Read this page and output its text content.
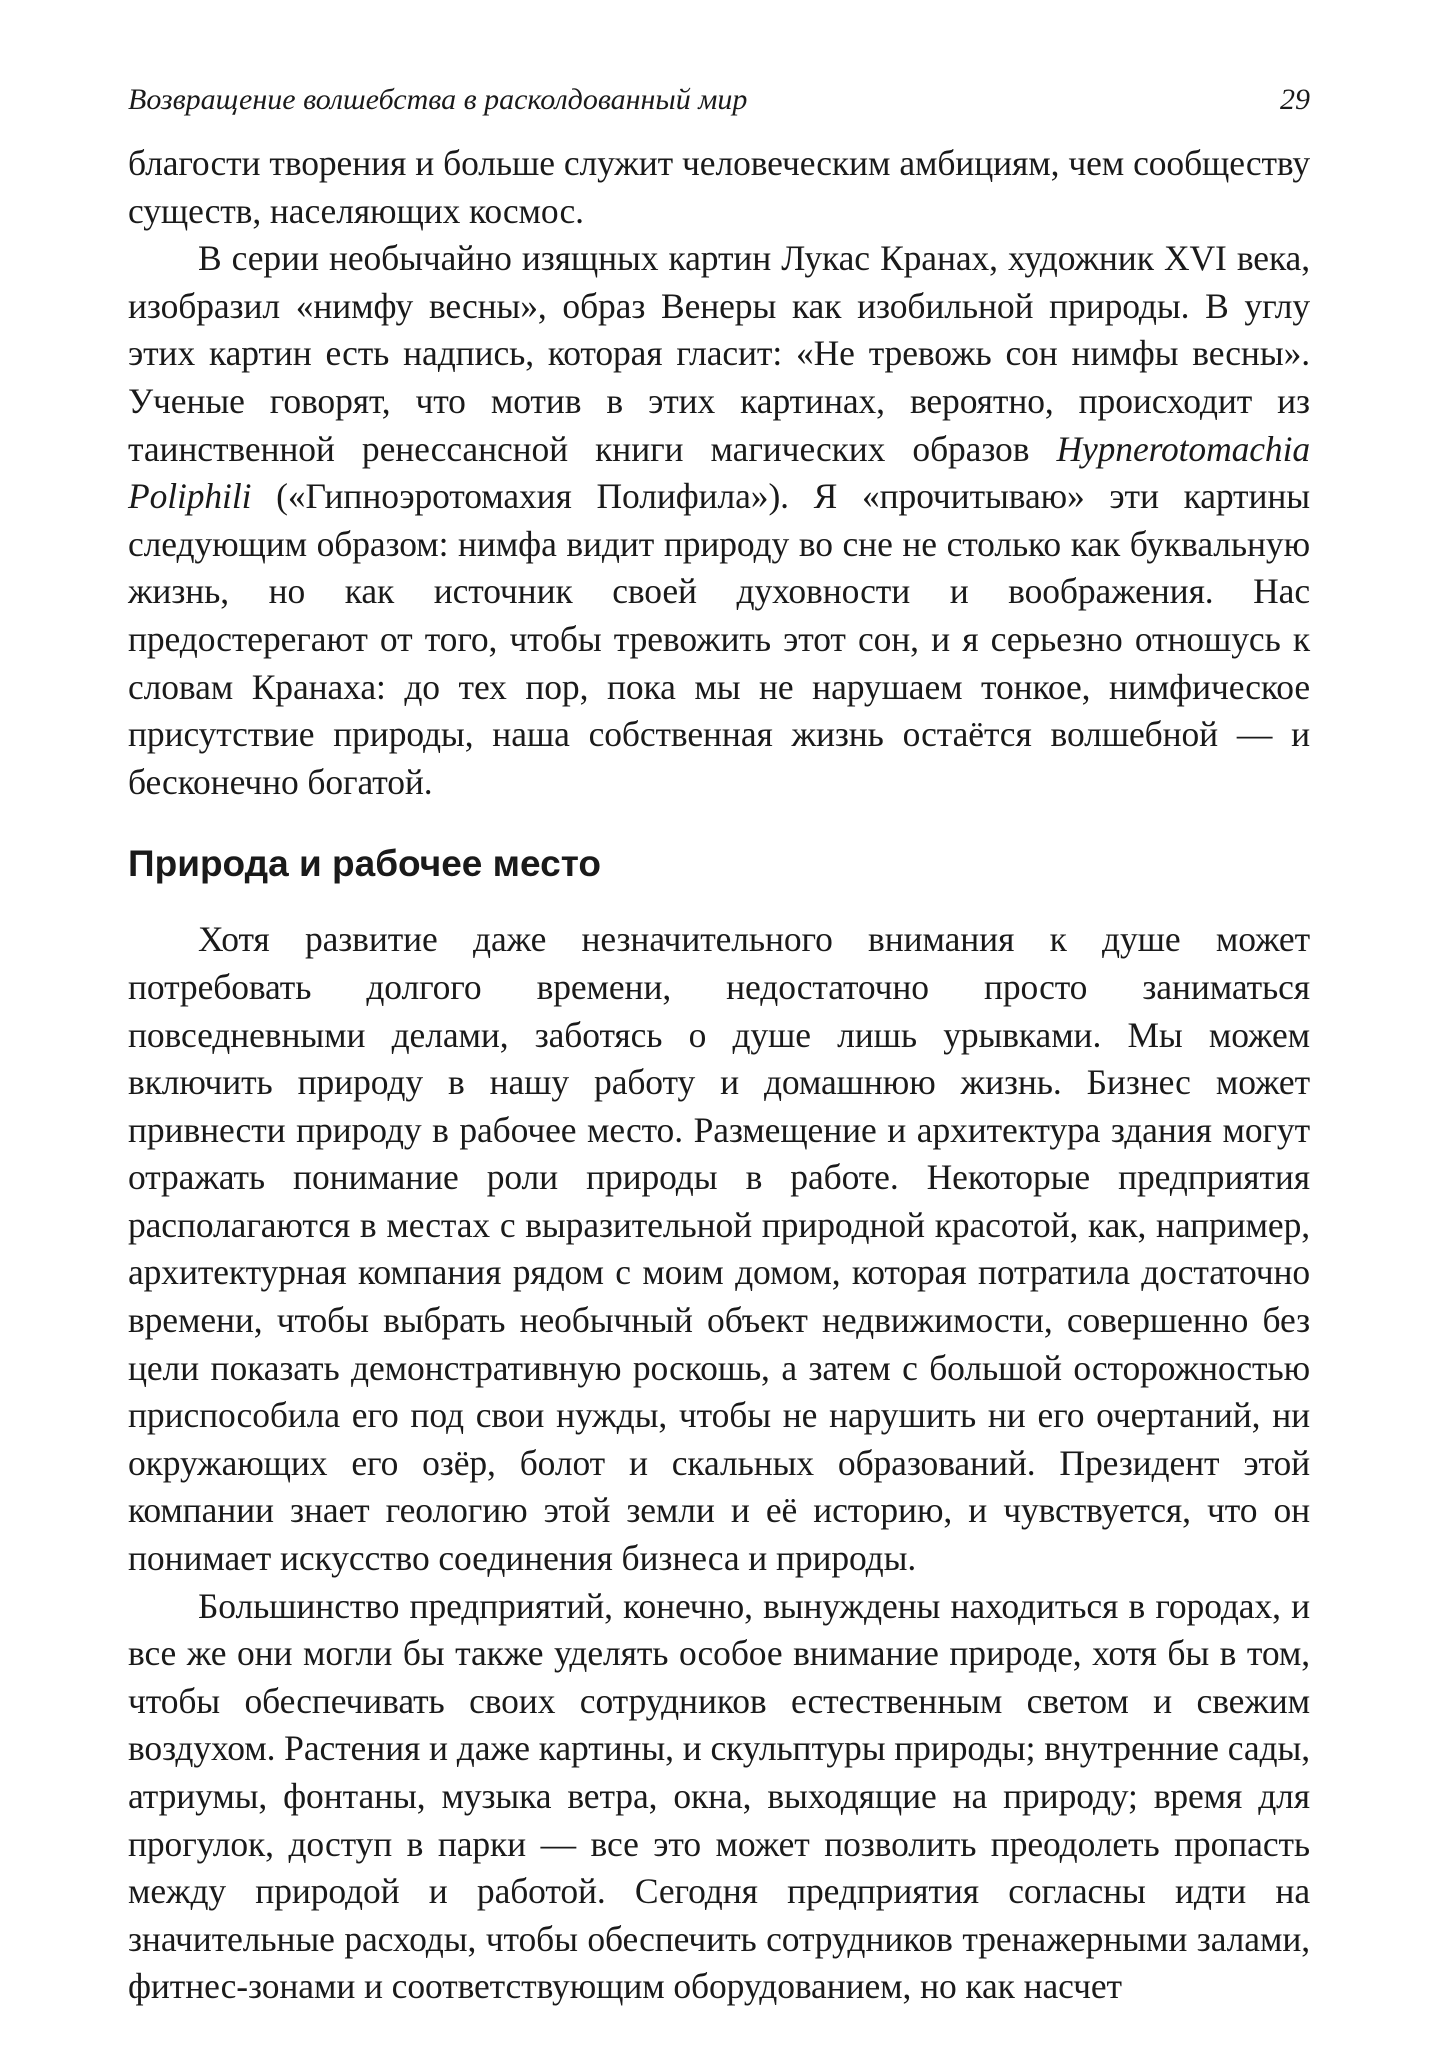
Возвращение волшебства в расколдованный мир	29

благости творения и больше служит человеческим амбициям, чем сообществу существ, населяющих космос.

В серии необычайно изящных картин Лукас Кранах, художник XVI века, изобразил «нимфу весны», образ Венеры как изобильной природы. В углу этих картин есть надпись, которая гласит: «Не тревожь сон нимфы весны». Ученые говорят, что мотив в этих картинах, вероятно, происходит из таинственной ренессансной книги магических образов Hypnerotomachia Poliphili («Гипноэротомахия Полифила»). Я «прочитываю» эти картины следующим образом: нимфа видит природу во сне не столько как буквальную жизнь, но как источник своей духовности и воображения. Нас предостерегают от того, чтобы тревожить этот сон, и я серьезно отношусь к словам Кранаха: до тех пор, пока мы не нарушаем тонкое, нимфическое присутствие природы, наша собственная жизнь остаётся волшебной — и бесконечно богатой.

Природа и рабочее место

Хотя развитие даже незначительного внимания к душе может потребовать долгого времени, недостаточно просто заниматься повседневными делами, заботясь о душе лишь урывками. Мы можем включить природу в нашу работу и домашнюю жизнь. Бизнес может привнести природу в рабочее место. Размещение и архитектура здания могут отражать понимание роли природы в работе. Некоторые предприятия располагаются в местах с выразительной природной красотой, как, например, архитектурная компания рядом с моим домом, которая потратила достаточно времени, чтобы выбрать необычный объект недвижимости, совершенно без цели показать демонстративную роскошь, а затем с большой осторожностью приспособила его под свои нужды, чтобы не нарушить ни его очертаний, ни окружающих его озёр, болот и скальных образований. Президент этой компании знает геологию этой земли и её историю, и чувствуется, что он понимает искусство соединения бизнеса и природы.

Большинство предприятий, конечно, вынуждены находиться в городах, и все же они могли бы также уделять особое внимание природе, хотя бы в том, чтобы обеспечивать своих сотрудников естественным светом и свежим воздухом. Растения и даже картины, и скульптуры природы; внутренние сады, атриумы, фонтаны, музыка ветра, окна, выходящие на природу; время для прогулок, доступ в парки — все это может позволить преодолеть пропасть между природой и работой. Сегодня предприятия согласны идти на значительные расходы, чтобы обеспечить сотрудников тренажерными залами, фитнес-зонами и соответствующим оборудованием, но как насчет
